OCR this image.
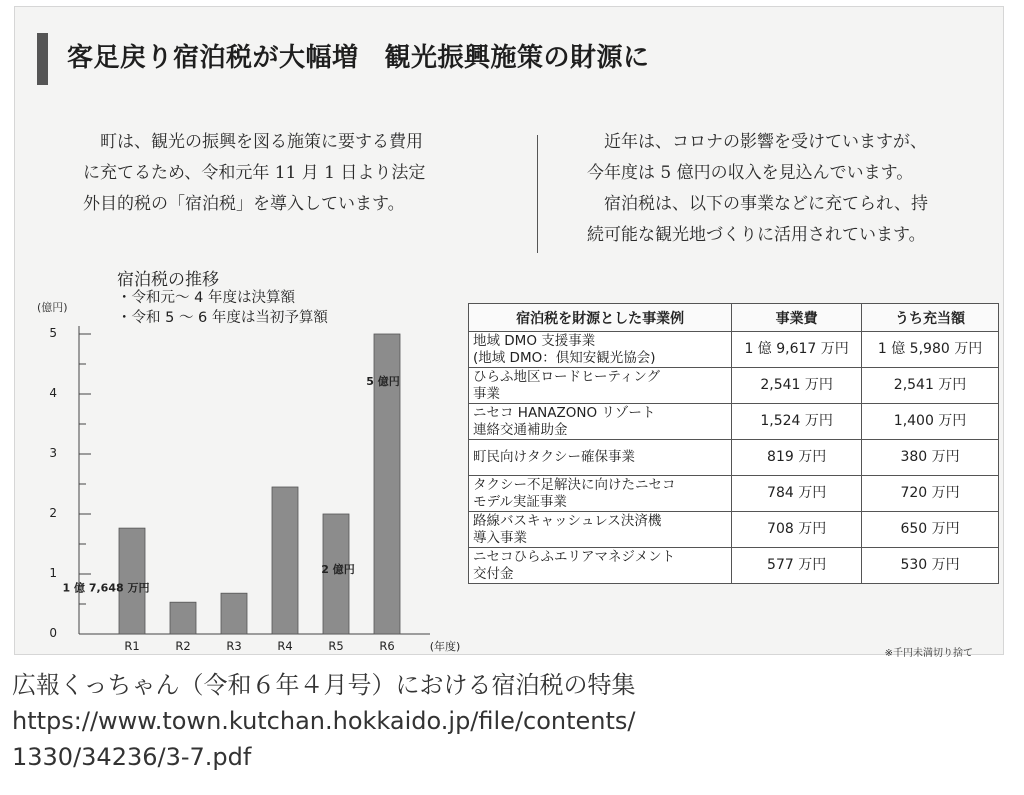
客足戻り宿泊税が大幅増 観光振興施策の財源に
町は、観光の振興を図る施策に要する費用
に充てるため、令和元年 11 月 1 日より法定
外目的税の「宿泊税」を導入しています。
近年は、コロナの影響を受けていますが、
今年度は 5 億円の収入を見込んでいます。
宿泊税は、以下の事業などに充てられ、持
続可能な観光地づくりに活用されています。
宿泊税の推移
・令和元～ 4 年度は決算額
・令和 5 ～ 6 年度は当初予算額
(億円)
0
1
2
3
4
5
R1	R2	R3	R4	R5	R6	(年度)
1 億 7,648 万円
2 億円
5 億円
宿泊税を財源とした事業例	事業費	うち充当額
地域 DMO 支援事業
(地域 DMO：倶知安観光協会)	1 億 9,617 万円	1 億 5,980 万円
ひらふ地区ロードヒーティング
事業	2,541 万円	2,541 万円
ニセコ HANAZONO リゾート
連絡交通補助金	1,524 万円	1,400 万円
町民向けタクシー確保事業	819 万円	380 万円
タクシー不足解決に向けたニセコ
モデル実証事業	784 万円	720 万円
路線バスキャッシュレス決済機
導入事業	708 万円	650 万円
ニセコひらふエリアマネジメント
交付金	577 万円	530 万円
※千円未満切り捨て
広報くっちゃん（令和６年４月号）における宿泊税の特集
https://www.town.kutchan.hokkaido.jp/file/contents/
1330/34236/3-7.pdf
